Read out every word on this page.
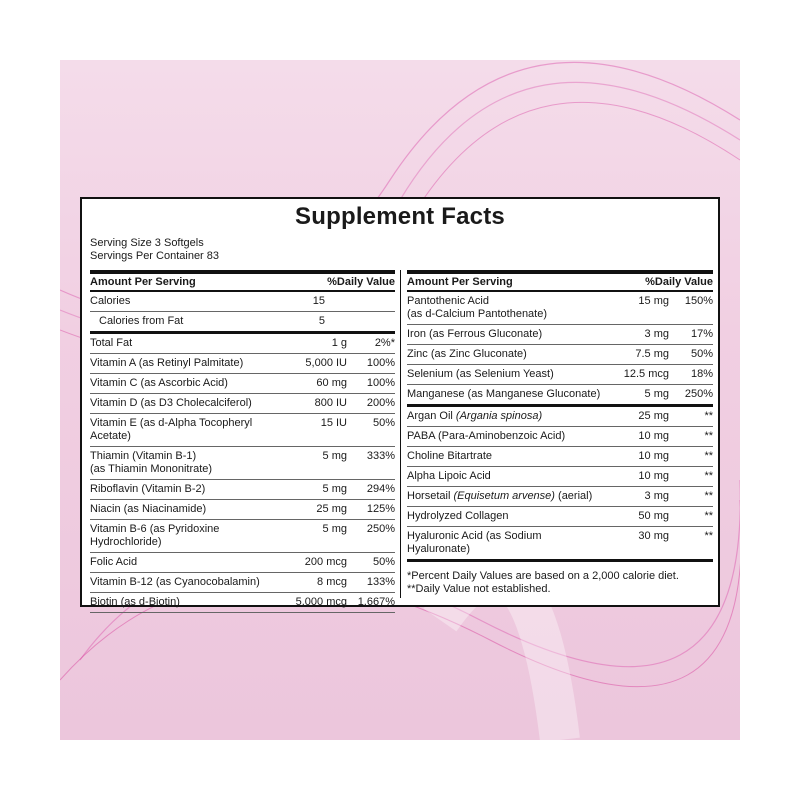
Supplement Facts
Serving Size 3 Softgels
Servings Per Container 83
Amount Per Serving	%Daily Value
Calories	15
Calories from Fat	5
Total Fat	1 g	2%*
Vitamin A (as Retinyl Palmitate)	5,000 IU	100%
Vitamin C (as Ascorbic Acid)	60 mg	100%
Vitamin D (as D3 Cholecalciferol)	800 IU	200%
Vitamin E (as d-Alpha Tocopheryl Acetate)
15 IU	50%
Thiamin (Vitamin B-1)
(as Thiamin Mononitrate)
5 mg	333%
Riboflavin (Vitamin B-2)	5 mg	294%
Niacin (as Niacinamide)	25 mg	125%
Vitamin B-6 (as Pyridoxine Hydrochloride)
5 mg	250%
Folic Acid	200 mcg	50%
Vitamin B-12 (as Cyanocobalamin)	8 mcg	133%
Biotin (as d-Biotin)	5,000 mcg 1,667%
Amount Per Serving	%Daily Value
Pantothenic Acid
(as d-Calcium Pantothenate)
15 mg	150%
Iron (as Ferrous Gluconate)	3 mg	17%
Zinc (as Zinc Gluconate)	7.5 mg	50%
Selenium (as Selenium Yeast)	12.5 mcg	18%
Manganese (as Manganese Gluconate)	5 mg	250%
Argan Oil (Argania spinosa)	25 mg	**
PABA (Para-Aminobenzoic Acid)	10 mg	**
Choline Bitartrate	10 mg	**
Alpha Lipoic Acid	10 mg	**
Horsetail (Equisetum arvense) (aerial)	3 mg	**
Hydrolyzed Collagen	50 mg	**
Hyaluronic Acid (as Sodium Hyaluronate)
30 mg	**
*Percent Daily Values are based on a 2,000 calorie diet.
**Daily Value not established.
